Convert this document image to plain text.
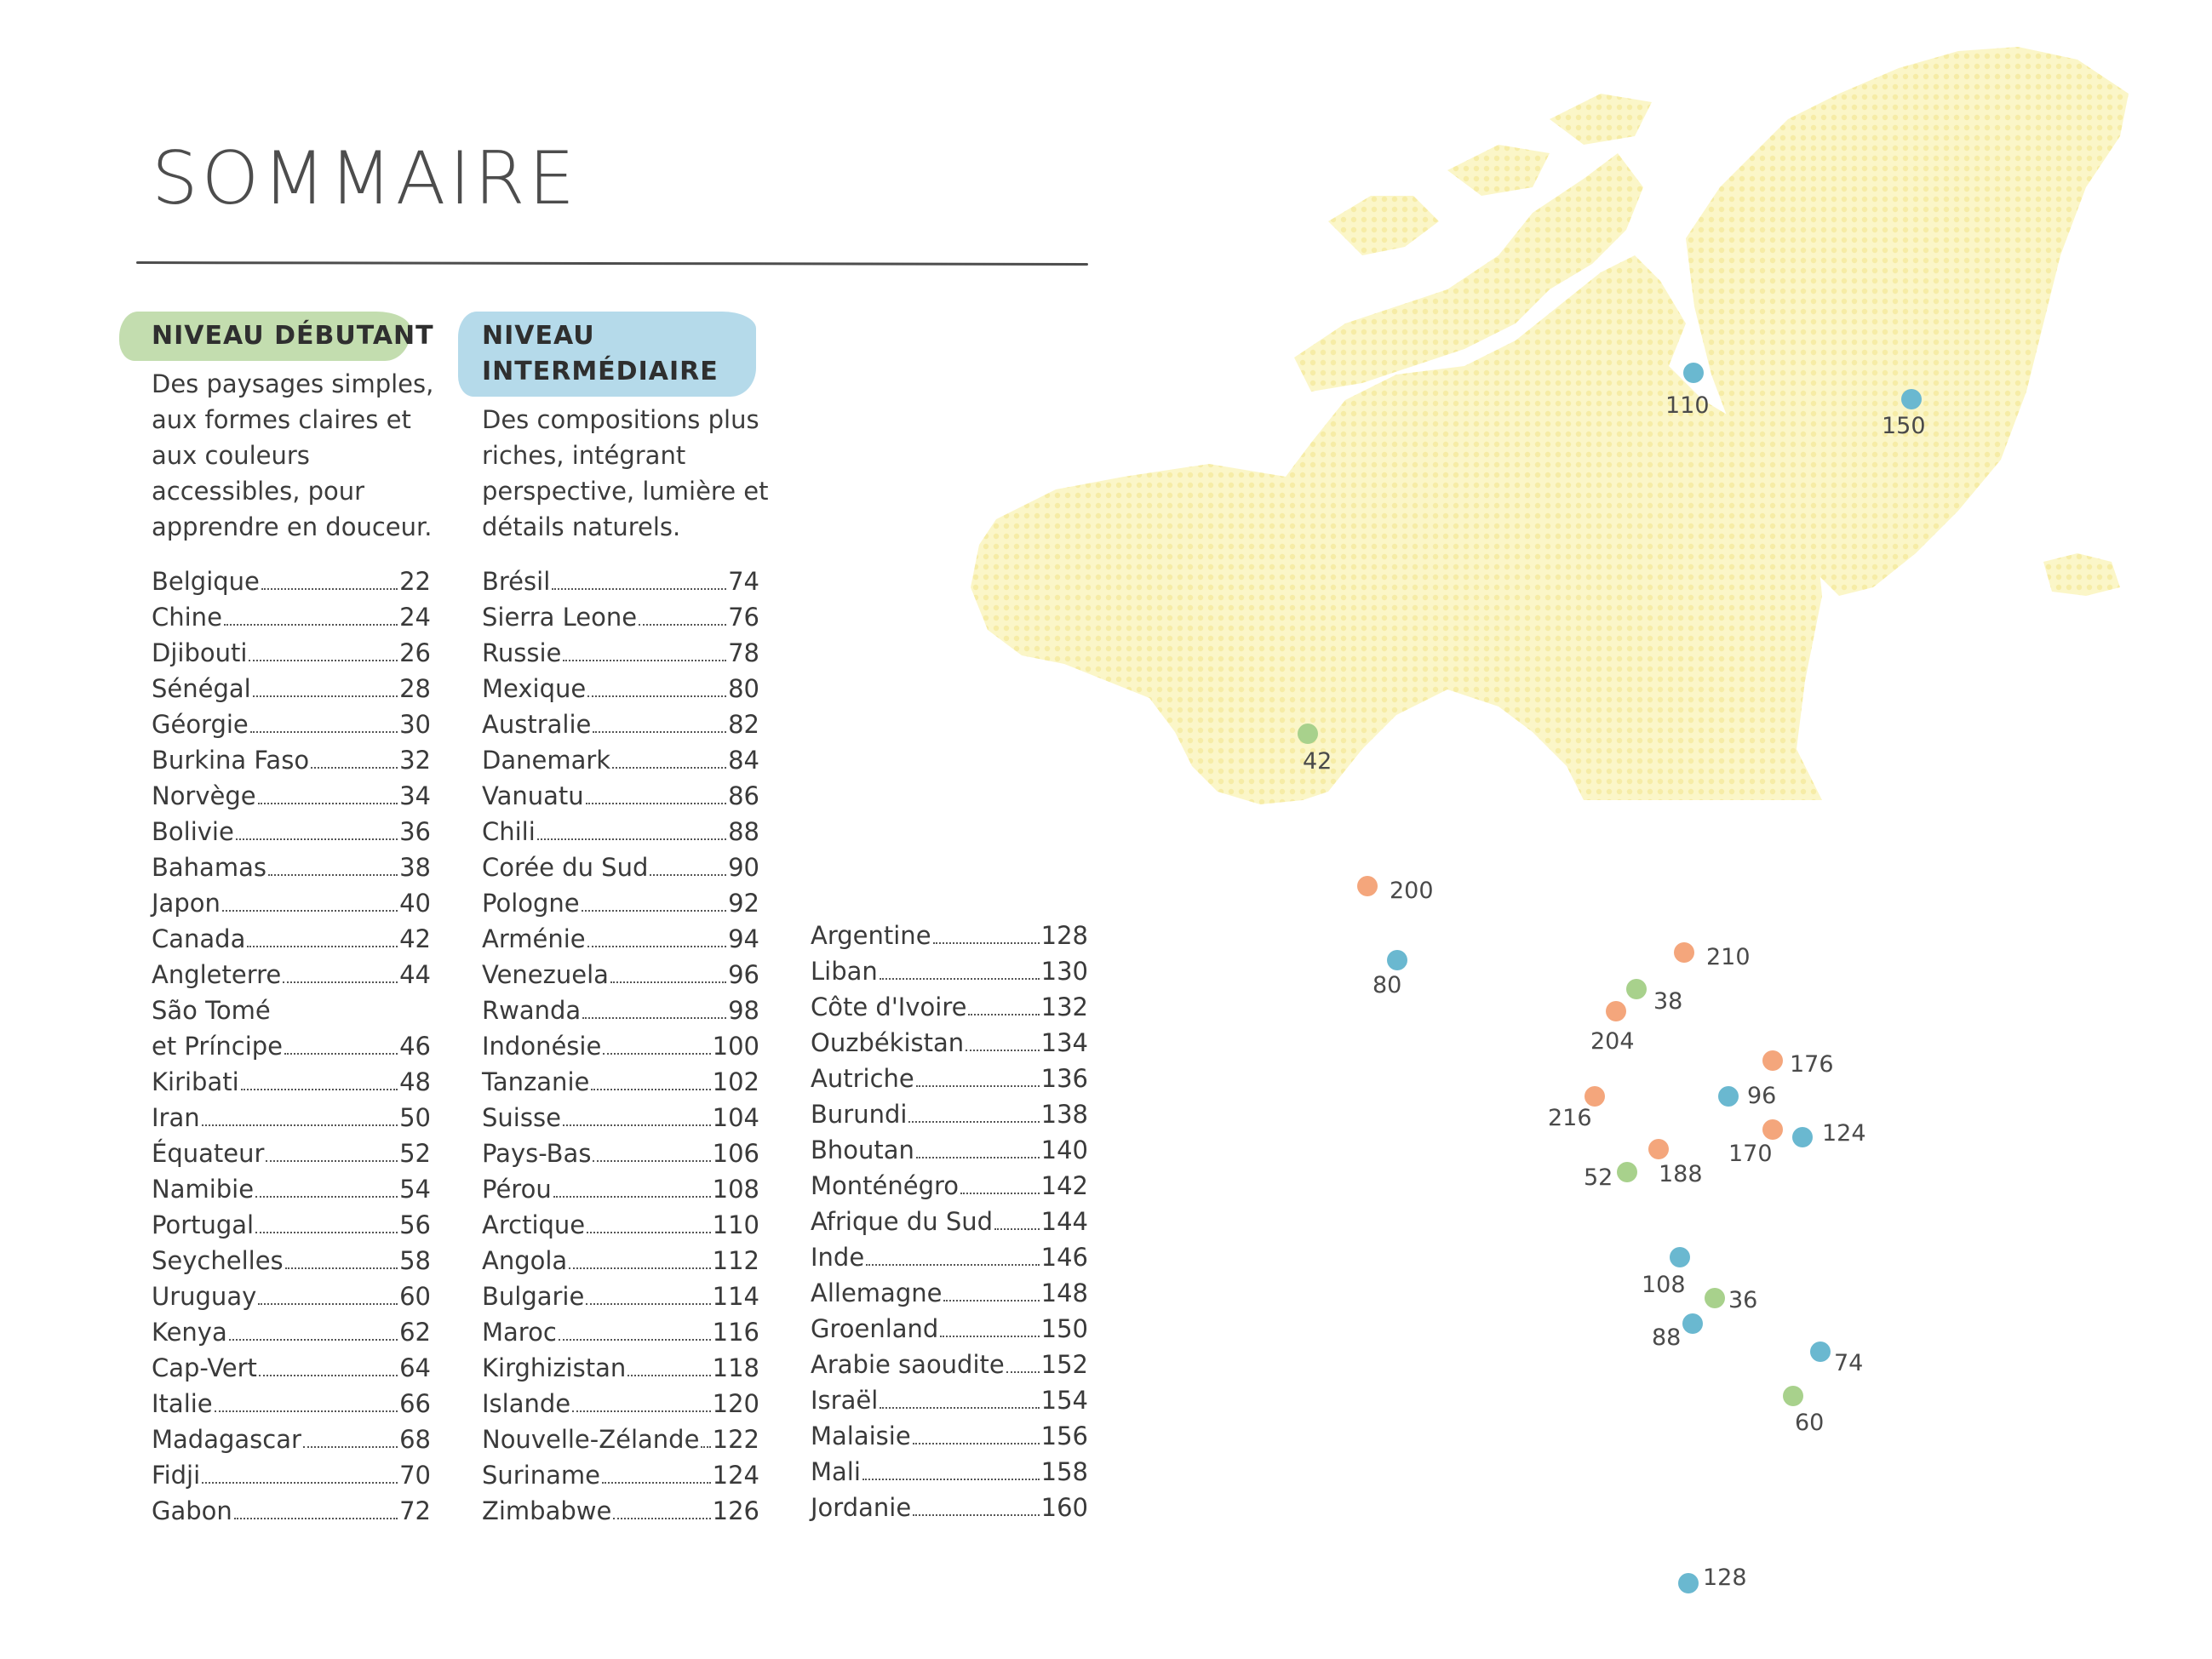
110
150
42
200
80
210
38
204
176
216
96
124
170
188
52
108
36
88
74
60
128
SOMMAIRE
NIVEAU DÉBUTANT

Des paysages simples, aux formes claires et aux couleurs accessibles, pour apprendre en douceur.

Belgique	22
Chine	24
Djibouti	26
Sénégal	28
Géorgie	30
Burkina Faso	32
Norvège	34
Bolivie	36
Bahamas	38
Japon	40
Canada	42
Angleterre	44
São Tomé
et Príncipe	46
Kiribati	48
Iran	50
Équateur	52
Namibie	54
Portugal	56
Seychelles	58
Uruguay	60
Kenya	62
Cap-Vert	64
Italie	66
Madagascar	68
Fidji	70
Gabon	72
NIVEAU INTERMÉDIAIRE

Des compositions plus riches, intégrant perspective, lumière et détails naturels.

Brésil	74
Sierra Leone	76
Russie	78
Mexique	80
Australie	82
Danemark	84
Vanuatu	86
Chili	88
Corée du Sud	90
Pologne	92
Arménie	94
Venezuela	96
Rwanda	98
Indonésie	100
Tanzanie	102
Suisse	104
Pays-Bas	106
Pérou	108
Arctique	110
Angola	112
Bulgarie	114
Maroc	116
Kirghizistan	118
Islande	120
Nouvelle-Zélande 122
Suriname	124
Zimbabwe	126
Argentine	128
Liban	130
Côte d'Ivoire	132
Ouzbékistan	134
Autriche	136
Burundi	138
Bhoutan	140
Monténégro	142
Afrique du Sud 144
Inde	146
Allemagne	148
Groenland	150
Arabie saoudite 152
Israël	154
Malaisie	156
Mali	158
Jordanie	160
